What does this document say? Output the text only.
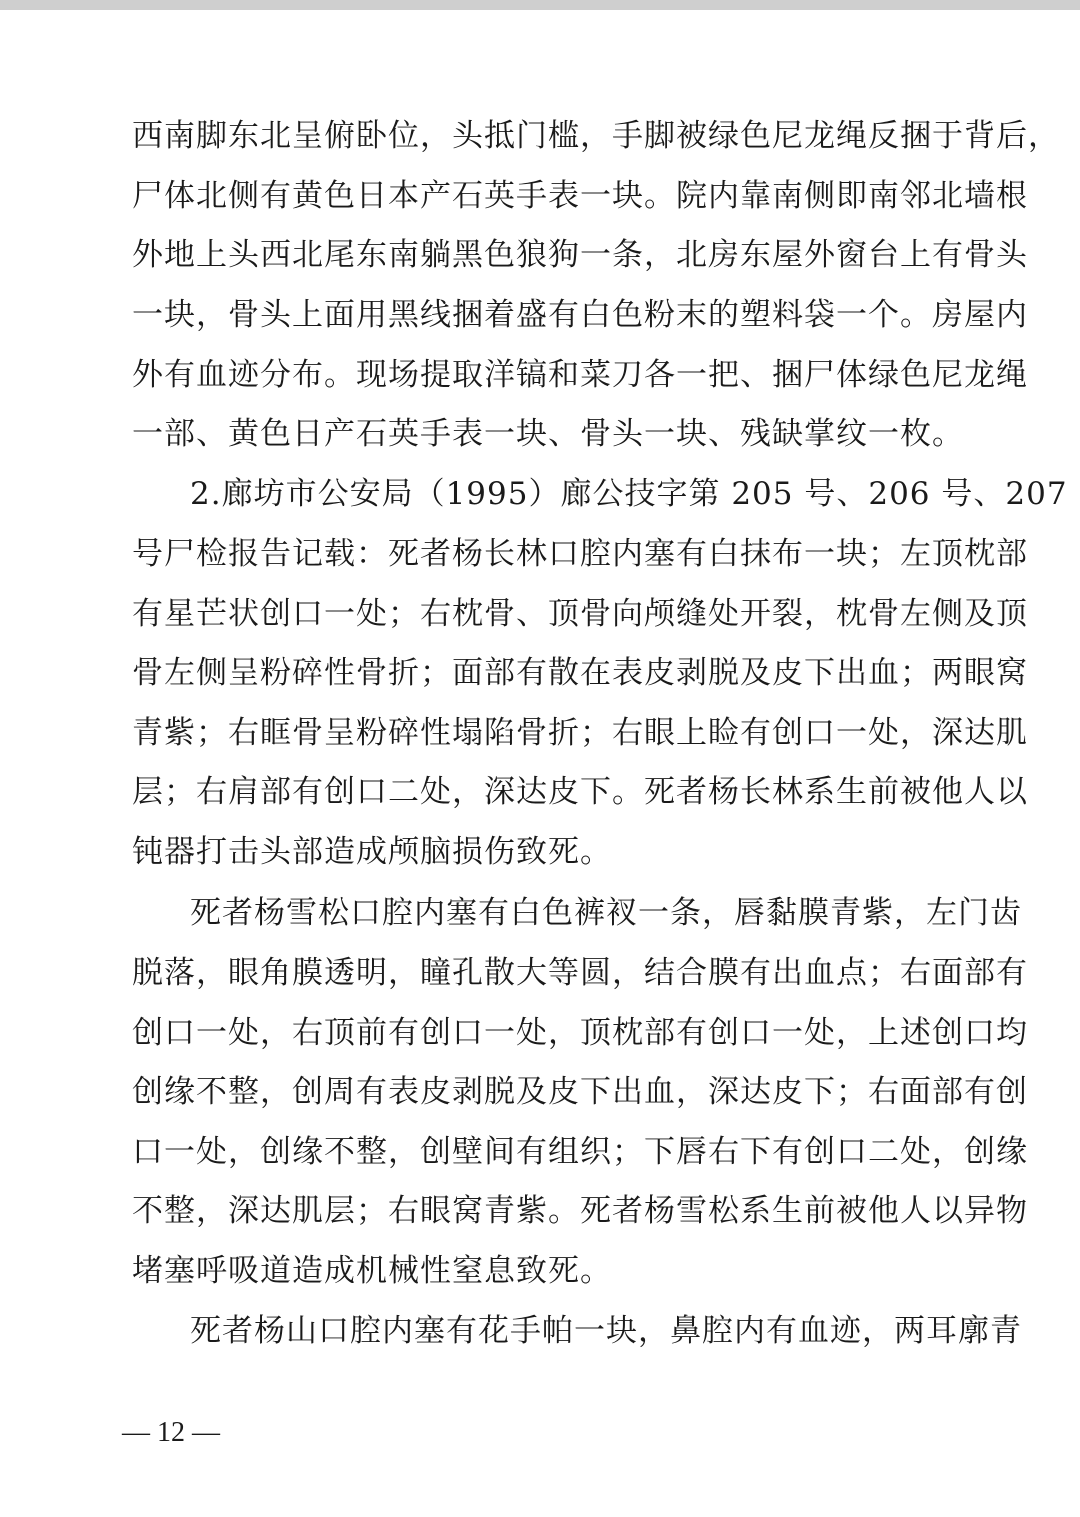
西南脚东北呈俯卧位，头抵门槛，手脚被绿色尼龙绳反捆于背后，
尸体北侧有黄色日本产石英手表一块。院内靠南侧即南邻北墙根
外地上头西北尾东南躺黑色狼狗一条，北房东屋外窗台上有骨头
一块，骨头上面用黑线捆着盛有白色粉末的塑料袋一个。房屋内
外有血迹分布。现场提取洋镐和菜刀各一把、捆尸体绿色尼龙绳
一部、黄色日产石英手表一块、骨头一块、残缺掌纹一枚。
2.廊坊市公安局（1995）廊公技字第 205 号、206 号、207
号尸检报告记载：死者杨长林口腔内塞有白抹布一块；左顶枕部
有星芒状创口一处；右枕骨、顶骨向颅缝处开裂，枕骨左侧及顶
骨左侧呈粉碎性骨折；面部有散在表皮剥脱及皮下出血；两眼窝
青紫；右眶骨呈粉碎性塌陷骨折；右眼上睑有创口一处，深达肌
层；右肩部有创口二处，深达皮下。死者杨长林系生前被他人以
钝器打击头部造成颅脑损伤致死。
死者杨雪松口腔内塞有白色裤衩一条，唇黏膜青紫，左门齿
脱落，眼角膜透明，瞳孔散大等圆，结合膜有出血点；右面部有
创口一处，右顶前有创口一处，顶枕部有创口一处，上述创口均
创缘不整，创周有表皮剥脱及皮下出血，深达皮下；右面部有创
口一处，创缘不整，创壁间有组织；下唇右下有创口二处，创缘
不整，深达肌层；右眼窝青紫。死者杨雪松系生前被他人以异物
堵塞呼吸道造成机械性窒息致死。
死者杨山口腔内塞有花手帕一块，鼻腔内有血迹，两耳廓青
— 12 —
